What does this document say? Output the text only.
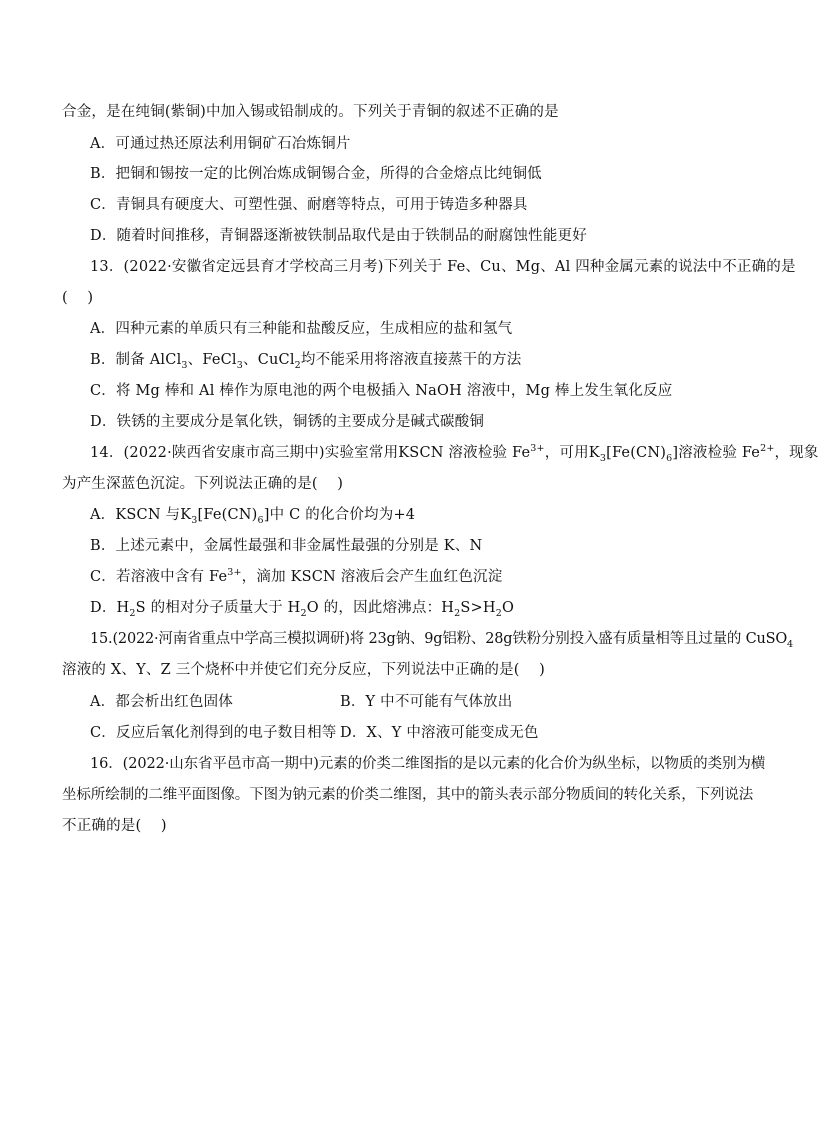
合金，是在纯铜(紫铜)中加入锡或铅制成的。下列关于青铜的叙述不正确的是
A．可通过热还原法利用铜矿石冶炼铜片
B．把铜和锡按一定的比例冶炼成铜锡合金，所得的合金熔点比纯铜低
C．青铜具有硬度大、可塑性强、耐磨等特点，可用于铸造多种器具
D．随着时间推移，青铜器逐渐被铁制品取代是由于铁制品的耐腐蚀性能更好
13．(2022·安徽省定远县育才学校高三月考)下列关于 Fe、Cu、Mg、Al 四种金属元素的说法中不正确的是
(　 )
A．四种元素的单质只有三种能和盐酸反应，生成相应的盐和氢气
B．制备 AlCl$_3$、FeCl$_3$、CuCl$_2$均不能采用将溶液直接蒸干的方法
C．将 Mg 棒和 Al 棒作为原电池的两个电极插入 NaOH 溶液中，Mg 棒上发生氧化反应
D．铁锈的主要成分是氧化铁，铜锈的主要成分是碱式碳酸铜
14．(2022·陕西省安康市高三期中)实验室常用KSCN 溶液检验 $Fe^{3+}$，可用$K_3[Fe(CN)_6]$溶液检验 $Fe^{2+}$，现象
为产生深蓝色沉淀。下列说法正确的是(　 )
A．KSCN 与$K_3[Fe(CN)_6]$中 C 的化合价均为+4
B．上述元素中，金属性最强和非金属性最强的分别是 K、N
C．若溶液中含有 $Fe^{3+}$，滴加 KSCN 溶液后会产生血红色沉淀
D．$H_2S$ 的相对分子质量大于 $H_2O$ 的，因此熔沸点：$H_2S>H_2O$
15.(2022·河南省重点中学高三模拟调研)将 23g钠、9g铝粉、28g铁粉分别投入盛有质量相等且过量的 CuSO$_4$
溶液的 X、Y、Z 三个烧杯中并使它们充分反应，下列说法中正确的是(　 )
A．都会析出红色固体	B．Y 中不可能有气体放出
C．反应后氧化剂得到的电子数目相等 D．X、Y 中溶液可能变成无色
16．(2022·山东省平邑市高一期中)元素的价类二维图指的是以元素的化合价为纵坐标，以物质的类别为横
坐标所绘制的二维平面图像。下图为钠元素的价类二维图，其中的箭头表示部分物质间的转化关系，下列说法
不正确的是(　 )
